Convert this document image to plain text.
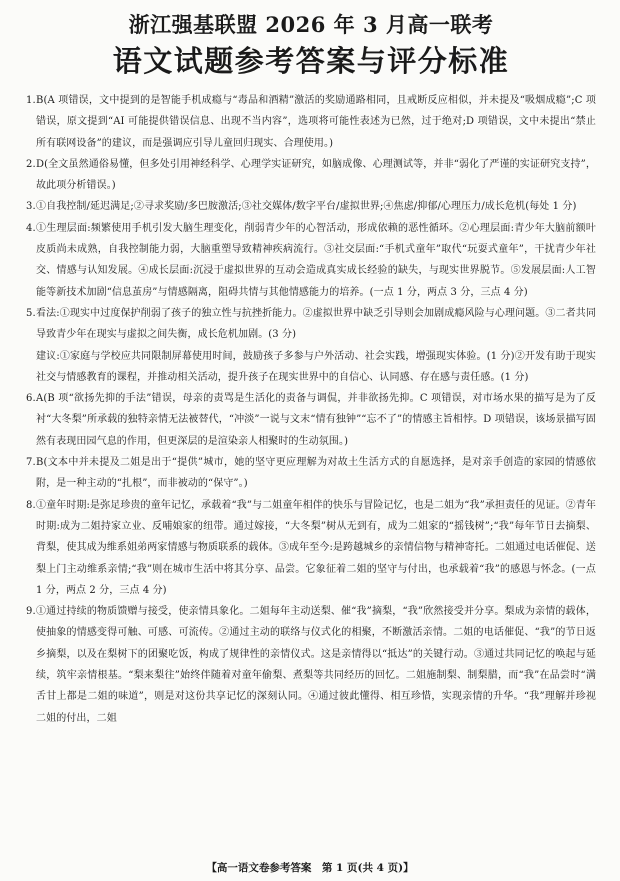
浙江强基联盟 2026 年 3 月高一联考
语文试题参考答案与评分标准
1. B(A 项错误，文中提到的是智能手机成瘾与“毒品和酒精”激活的奖励通路相同，且戒断反应相似，并未提及“吸烟成瘾”;C 项错误，原文提到“AI 可能提供错误信息、出现不当内容”，选项将可能性表述为已然，过于绝对;D 项错误，文中未提出“禁止所有联网设备”的建议，而是强调应引导儿童回归现实、合理使用。)

2. D(全文虽然通俗易懂，但多处引用神经科学、心理学实证研究，如脑成像、心理测试等，并非“弱化了严谨的实证研究支持”，故此项分析错误。)

3. ①自我控制/延迟满足;②寻求奖励/多巴胺激活;③社交媒体/数字平台/虚拟世界;④焦虑/抑郁/心理压力/成长危机(每处 1 分)

4. ①生理层面:频繁使用手机引发大脑生理变化，削弱青少年的心智活动，形成依赖的恶性循环。②心理层面:青少年大脑前额叶皮质尚未成熟，自我控制能力弱，大脑重塑导致精神疾病流行。③社交层面:“手机式童年”取代“玩耍式童年”，干扰青少年社交、情感与认知发展。④成长层面:沉浸于虚拟世界的互动会造成真实成长经验的缺失，与现实世界脱节。⑤发展层面:人工智能等新技术加剧“信息茧房”与情感隔离，阻碍共情与其他情感能力的培养。(一点 1 分，两点 3 分，三点 4 分)

5. 看法:①现实中过度保护削弱了孩子的独立性与抗挫折能力。②虚拟世界中缺乏引导则会加剧成瘾风险与心理问题。③二者共同导致青少年在现实与虚拟之间失衡，成长危机加剧。(3 分)

建议:①家庭与学校应共同限制屏幕使用时间，鼓励孩子多参与户外活动、社会实践，增强现实体验。(1 分)②开发有助于现实社交与情感教育的课程，并推动相关活动，提升孩子在现实世界中的自信心、认同感、存在感与责任感。(1 分)

6. A(B 项“欲扬先抑的手法”错误，母亲的责骂是生活化的责备与调侃，并非欲扬先抑。C 项错误，对市场水果的描写是为了反衬“大冬梨”所承载的独特亲情无法被替代，“冲淡”一说与文末“情有独钟”“忘不了”的情感主旨相悖。D 项错误，该场景描写固然有表现田园气息的作用，但更深层的是渲染亲人相聚时的生动氛围。)

7. B(文本中并未提及二姐是出于“提供”城市，她的坚守更应理解为对故土生活方式的自愿选择，是对亲手创造的家园的情感依附，是一种主动的“扎根”，而非被动的“保守”。)

8. ①童年时期:是弥足珍贵的童年记忆，承载着“我”与二姐童年相伴的快乐与冒险记忆，也是二姐为“我”承担责任的见证。②青年时期:成为二姐持家立业、反哺娘家的纽带。通过嫁接，“大冬梨”树从无到有，成为二姐家的“摇钱树”;“我”每年节日去摘梨、背梨，使其成为维系姐弟两家情感与物质联系的载体。③成年至今:是跨越城乡的亲情信物与精神寄托。二姐通过电话催促、送梨上门主动维系亲情;“我”则在城市生活中将其分享、品尝。它象征着二姐的坚守与付出，也承载着“我”的感恩与怀念。(一点 1 分，两点 2 分，三点 4 分)

9. ①通过持续的物质馈赠与接受，使亲情具象化。二姐每年主动送梨、催“我”摘梨，“我”欣然接受并分享。梨成为亲情的载体，使抽象的情感变得可触、可感、可流传。②通过主动的联络与仪式化的相聚，不断激活亲情。二姐的电话催促、“我”的节日返乡摘梨，以及在梨树下的团聚吃饭，构成了规律性的亲情仪式。这是亲情得以“抵达”的关键行动。③通过共同记忆的唤起与延续，筑牢亲情根基。“梨来梨往”始终伴随着对童年偷梨、煮梨等共同经历的回忆。二姐施制梨、制梨腊，而“我”在品尝时“满舌甘上都是二姐的味道”，则是对这份共享记忆的深刻认同。④通过彼此懂得、相互珍惜，实现亲情的升华。“我”理解并珍视二姐的付出，二姐

【高一语文卷参考答案　第 1 页(共 4 页)】
